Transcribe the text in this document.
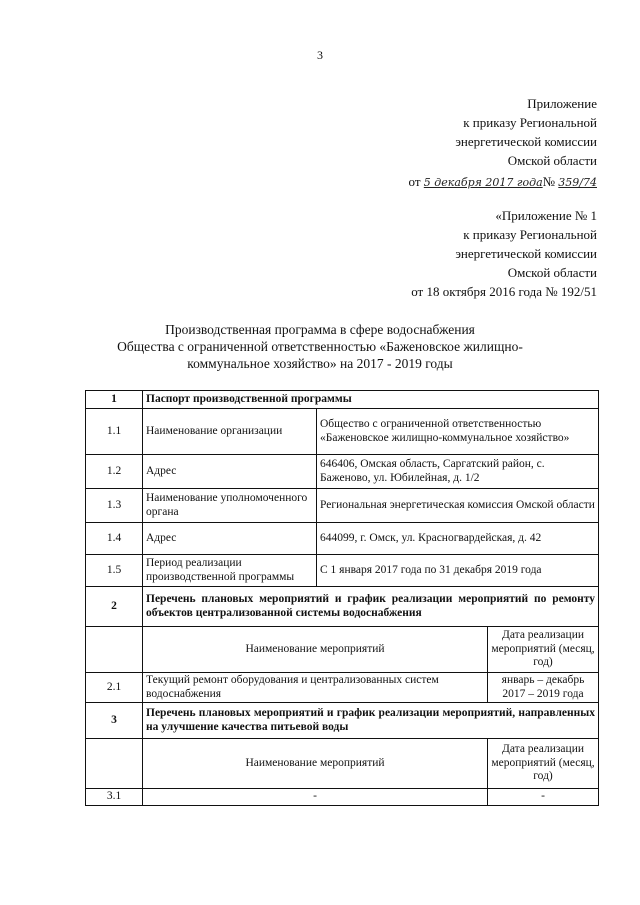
3
Приложение
к приказу Региональной
энергетической комиссии
Омской области
от 5 декабря 2017 года№ 359/74
«Приложение № 1
к приказу Региональной
энергетической комиссии
Омской области
от 18 октября 2016 года № 192/51
Производственная программа в сфере водоснабжения
Общества с ограниченной ответственностью «Баженовское жилищно-
коммунальное хозяйство» на 2017 - 2019 годы
1	Паспорт производственной программы		
1.1	Наименование организации	Общество с ограниченной ответственностью «Баженовское жилищно-коммунальное хозяйство»	
1.2	Адрес	646406, Омская область, Саргатский район, с. Баженово, ул. Юбилейная, д. 1/2	
1.3	Наименование уполномоченного органа	Региональная энергетическая комиссия Омской области	
1.4	Адрес	644099, г. Омск, ул. Красногвардейская, д. 42	
1.5	Период реализации производственной программы	С 1 января 2017 года по 31 декабря 2019 года	
2	Перечень плановых мероприятий и график реализации мероприятий по ремонту объектов централизованной системы водоснабжения		
	Наименование мероприятий		Дата реализации мероприятий (месяц, год)
2.1	Текущий ремонт оборудования и централизованных систем водоснабжения		январь – декабрь 2017 – 2019 года
3	Перечень плановых мероприятий и график реализации мероприятий, направленных на улучшение качества питьевой воды		
	Наименование мероприятий		Дата реализации мероприятий (месяц, год)
3.1	-		-
